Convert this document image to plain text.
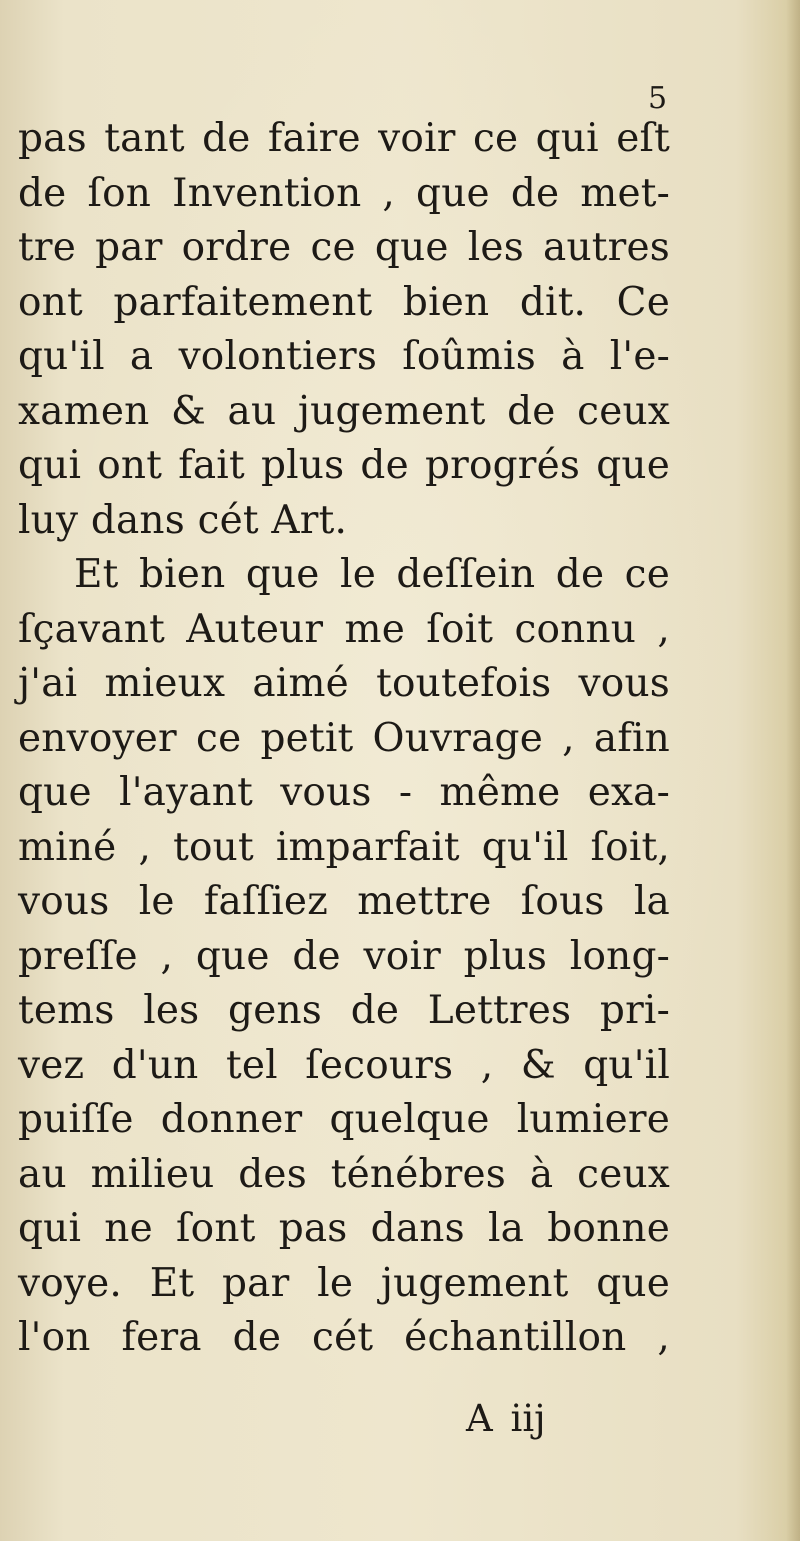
5

pas tant de faire voir ce qui eſt
de ſon Invention , que de met-
tre par ordre ce que les autres
ont parfaitement bien dit. Ce
qu'il a volontiers ſoûmis à l'e-
xamen & au jugement de ceux
qui ont fait plus de progrés que
luy dans cét Art.
Et bien que le deſſein de ce
ſçavant Auteur me ſoit connu ,
j'ai mieux aimé toutefois vous
envoyer ce petit Ouvrage , afin
que l'ayant vous - même exa-
miné , tout imparfait qu'il ſoit,
vous le faſſiez mettre ſous la
preſſe , que de voir plus long-
tems les gens de Lettres pri-
vez d'un tel ſecours , & qu'il
puiſſe donner quelque lumiere
au milieu des ténébres à ceux
qui ne ſont pas dans la bonne
voye. Et par le jugement que
l'on fera de cét échantillon ,

A iij
